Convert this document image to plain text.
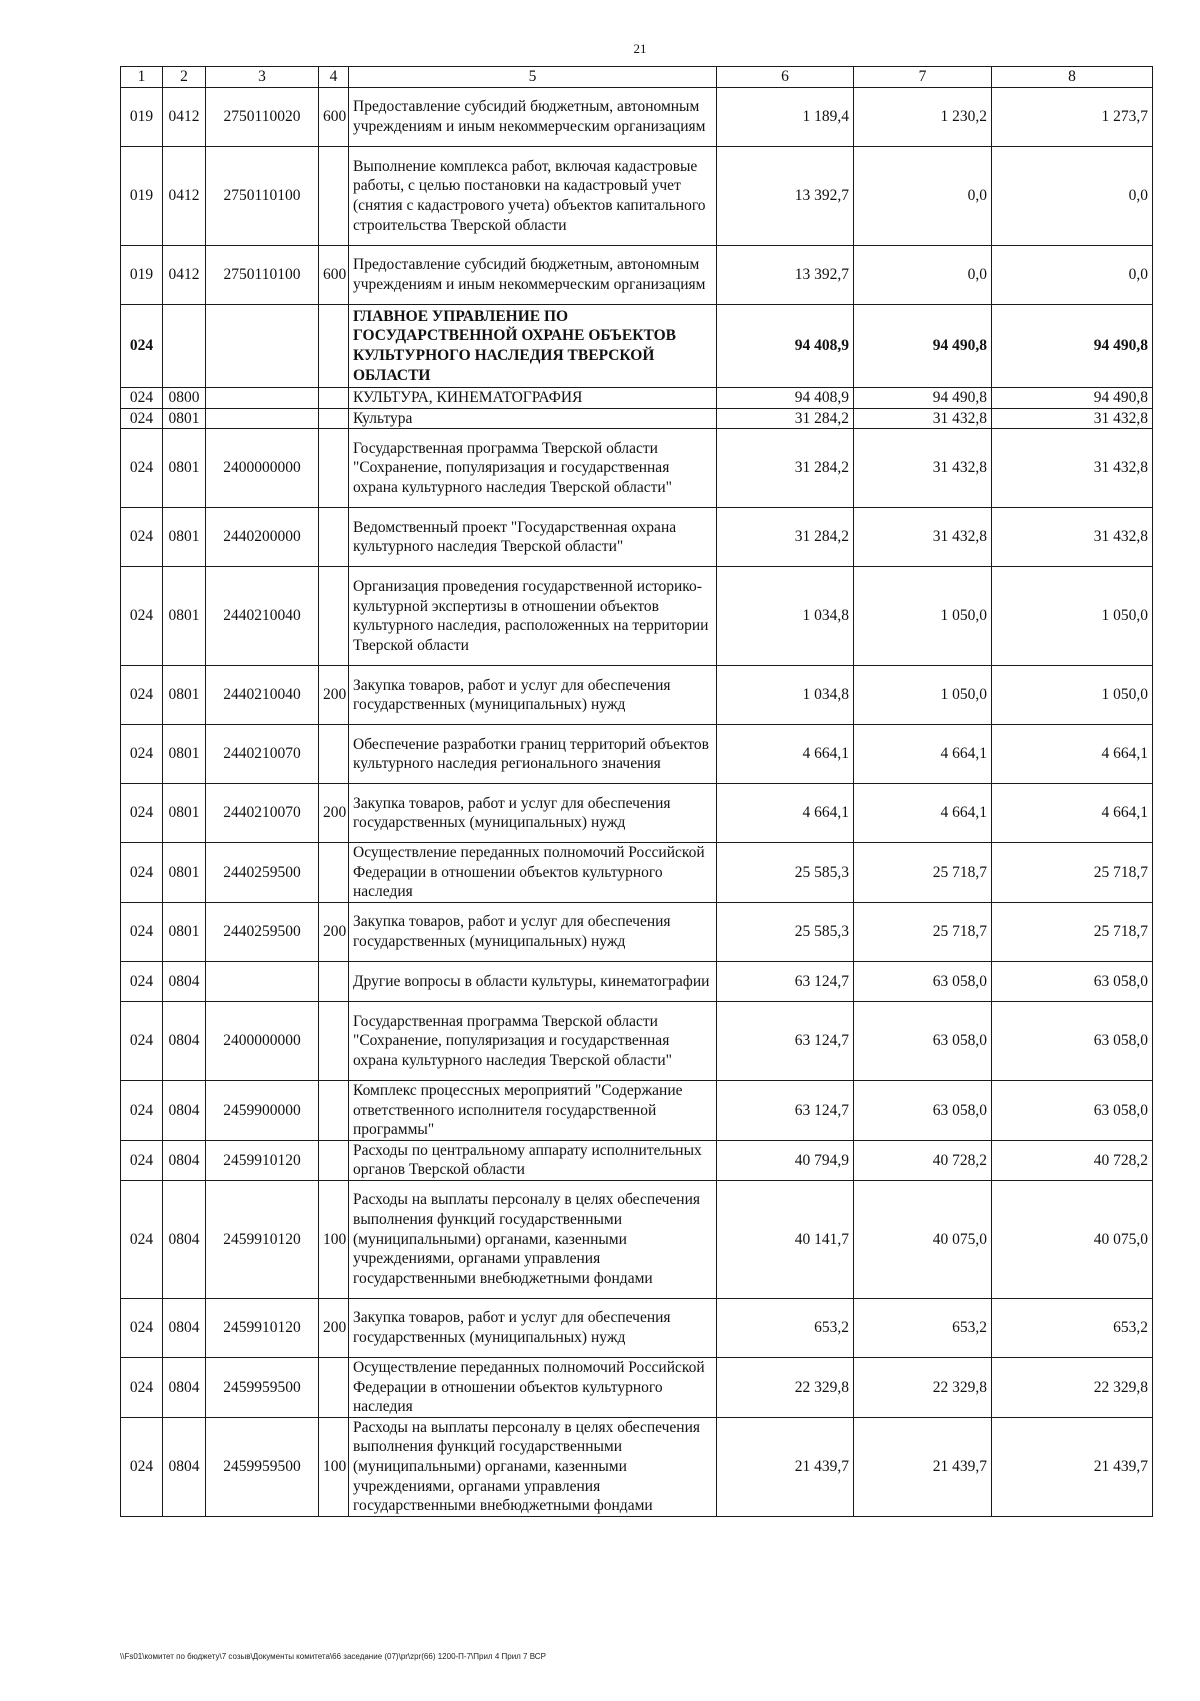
21
1	2	3	4	5	6	7	8
019	0412	2750110020	600	Предоставление субсидий бюджетным, автономным учреждениям и иным некоммерческим организациям	1 189,4	1 230,2	1 273,7
019	0412	2750110100		Выполнение комплекса работ, включая кадастровые работы, с целью постановки на кадастровый учет (снятия с кадастрового учета) объектов капитального строительства Тверской области	13 392,7	0,0	0,0
019	0412	2750110100	600	Предоставление субсидий бюджетным, автономным учреждениям и иным некоммерческим организациям	13 392,7	0,0	0,0
024				ГЛАВНОЕ УПРАВЛЕНИЕ ПО ГОСУДАРСТВЕННОЙ ОХРАНЕ ОБЪЕКТОВ КУЛЬТУРНОГО НАСЛЕДИЯ ТВЕРСКОЙ ОБЛАСТИ	94 408,9	94 490,8	94 490,8
024	0800			КУЛЬТУРА, КИНЕМАТОГРАФИЯ	94 408,9	94 490,8	94 490,8
024	0801			Культура	31 284,2	31 432,8	31 432,8
024	0801	2400000000		Государственная программа Тверской области "Сохранение, популяризация и государственная охрана культурного наследия Тверской области"	31 284,2	31 432,8	31 432,8
024	0801	2440200000		Ведомственный проект "Государственная охрана культурного наследия Тверской области"	31 284,2	31 432,8	31 432,8
024	0801	2440210040		Организация проведения государственной историко-культурной экспертизы в отношении объектов культурного наследия, расположенных на территории Тверской области	1 034,8	1 050,0	1 050,0
024	0801	2440210040	200	Закупка товаров, работ и услуг для обеспечения государственных (муниципальных) нужд	1 034,8	1 050,0	1 050,0
024	0801	2440210070		Обеспечение разработки границ территорий объектов культурного наследия регионального значения	4 664,1	4 664,1	4 664,1
024	0801	2440210070	200	Закупка товаров, работ и услуг для обеспечения государственных (муниципальных) нужд	4 664,1	4 664,1	4 664,1
024	0801	2440259500		Осуществление переданных полномочий Российской Федерации в отношении объектов культурного наследия	25 585,3	25 718,7	25 718,7
024	0801	2440259500	200	Закупка товаров, работ и услуг для обеспечения государственных (муниципальных) нужд	25 585,3	25 718,7	25 718,7
024	0804			Другие вопросы в области культуры, кинематографии	63 124,7	63 058,0	63 058,0
024	0804	2400000000		Государственная программа Тверской области "Сохранение, популяризация и государственная охрана культурного наследия Тверской области"	63 124,7	63 058,0	63 058,0
024	0804	2459900000		Комплекс процессных мероприятий "Содержание ответственного исполнителя государственной программы"	63 124,7	63 058,0	63 058,0
024	0804	2459910120		Расходы по центральному аппарату исполнительных органов Тверской области	40 794,9	40 728,2	40 728,2
024	0804	2459910120	100	Расходы на выплаты персоналу в целях обеспечения выполнения функций государственными (муниципальными) органами, казенными учреждениями, органами управления государственными внебюджетными фондами	40 141,7	40 075,0	40 075,0
024	0804	2459910120	200	Закупка товаров, работ и услуг для обеспечения государственных (муниципальных) нужд	653,2	653,2	653,2
024	0804	2459959500		Осуществление переданных полномочий Российской Федерации в отношении объектов культурного наследия	22 329,8	22 329,8	22 329,8
024	0804	2459959500	100	Расходы на выплаты персоналу в целях обеспечения выполнения функций государственными (муниципальными) органами, казенными учреждениями, органами управления государственными внебюджетными фондами	21 439,7	21 439,7	21 439,7
\\Fs01\комитет по бюджету\7 созыв\Документы комитета\66 заседание (07)\pr\zpr(66) 1200-П-7\Прил 4 Прил 7 ВСР
